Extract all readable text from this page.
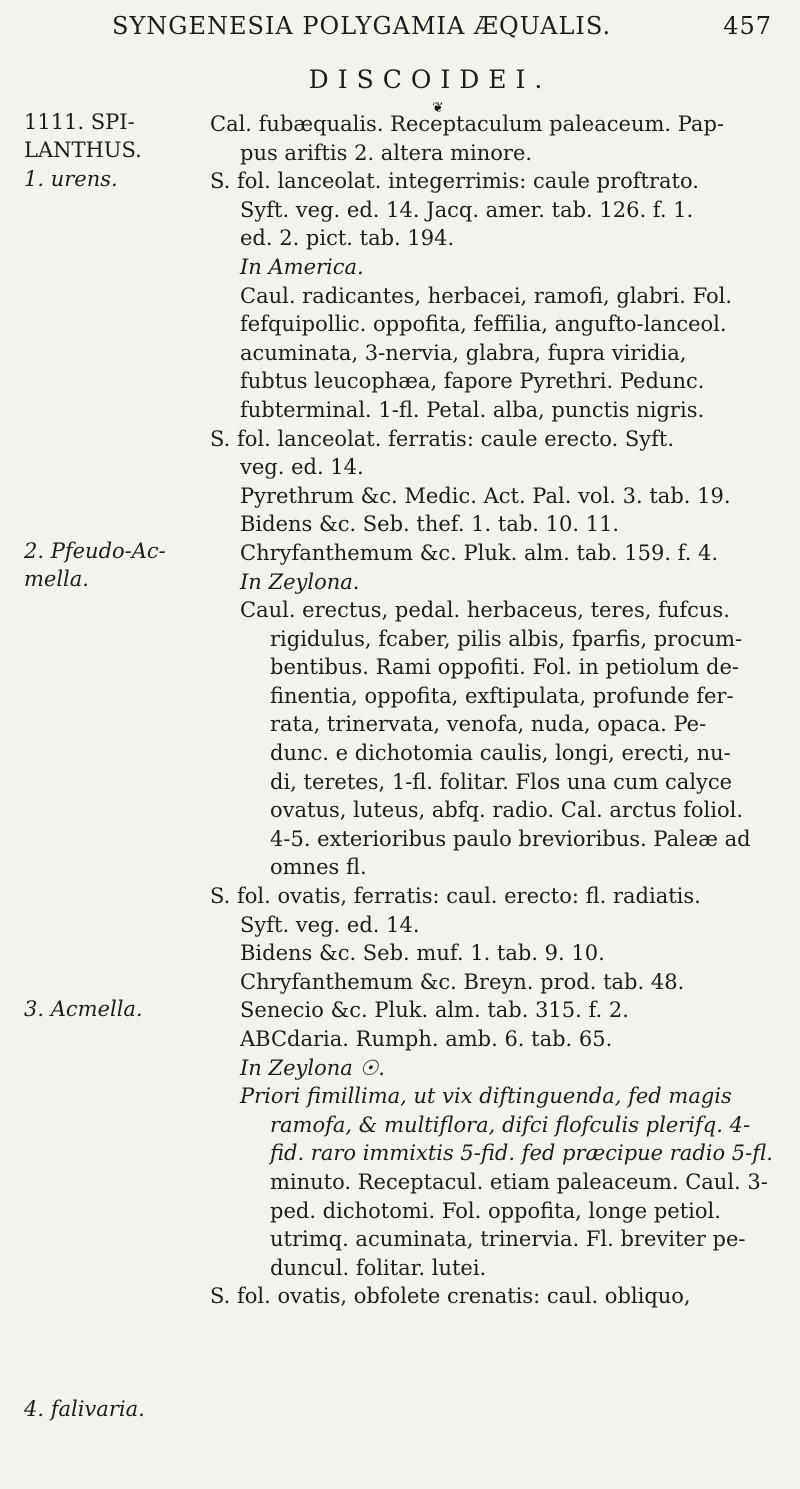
SYNGENESIA POLYGAMIA ÆQUALIS.	457
DISCOIDEI.
❦
1111. SPI-
LANTHUS.
1. urens.
2. Pfeudo-Ac-
mella.
3. Acmella.
4. falivaria.

Cal. fubæqualis. Receptaculum paleaceum. Pap-

pus ariftis 2. altera minore.

S. fol. lanceolat. integerrimis: caule proftrato.

Syft. veg. ed. 14. Jacq. amer. tab. 126. f. 1.

ed. 2. pict. tab. 194.

In America.

Caul. radicantes, herbacei, ramofi, glabri. Fol.

fefquipollic. oppofita, feffilia, angufto-lanceol.

acuminata, 3-nervia, glabra, fupra viridia,

fubtus leucophæa, fapore Pyrethri. Pedunc.

fubterminal. 1-fl. Petal. alba, punctis nigris.

S. fol. lanceolat. ferratis: caule erecto. Syft.

veg. ed. 14.

Pyrethrum &c. Medic. Act. Pal. vol. 3. tab. 19.

Bidens &c. Seb. thef. 1. tab. 10. 11.

Chryfanthemum &c. Pluk. alm. tab. 159. f. 4.

In Zeylona.

Caul. erectus, pedal. herbaceus, teres, fufcus.

rigidulus, fcaber, pilis albis, fparfis, procum-

bentibus. Rami oppofiti. Fol. in petiolum de-

finentia, oppofita, exftipulata, profunde fer-

rata, trinervata, venofa, nuda, opaca. Pe-

dunc. e dichotomia caulis, longi, erecti, nu-

di, teretes, 1-fl. folitar. Flos una cum calyce

ovatus, luteus, abfq. radio. Cal. arctus foliol.

4-5. exterioribus paulo brevioribus. Paleæ ad

omnes fl.

S. fol. ovatis, ferratis: caul. erecto: fl. radiatis.

Syft. veg. ed. 14.

Bidens &c. Seb. muf. 1. tab. 9. 10.

Chryfanthemum &c. Breyn. prod. tab. 48.

Senecio &c. Pluk. alm. tab. 315. f. 2.

ABCdaria. Rumph. amb. 6. tab. 65.

In Zeylona ☉.

Priori fimillima, ut vix diftinguenda, fed magis

ramofa, & multiflora, difci flofculis plerifq. 4-

fid. raro immixtis 5-fid. fed præcipue radio 5-fl.

minuto. Receptacul. etiam paleaceum. Caul. 3-

ped. dichotomi. Fol. oppofita, longe petiol.

utrimq. acuminata, trinervia. Fl. breviter pe-

duncul. folitar. lutei.

S. fol. ovatis, obfolete crenatis: caul. obliquo,
